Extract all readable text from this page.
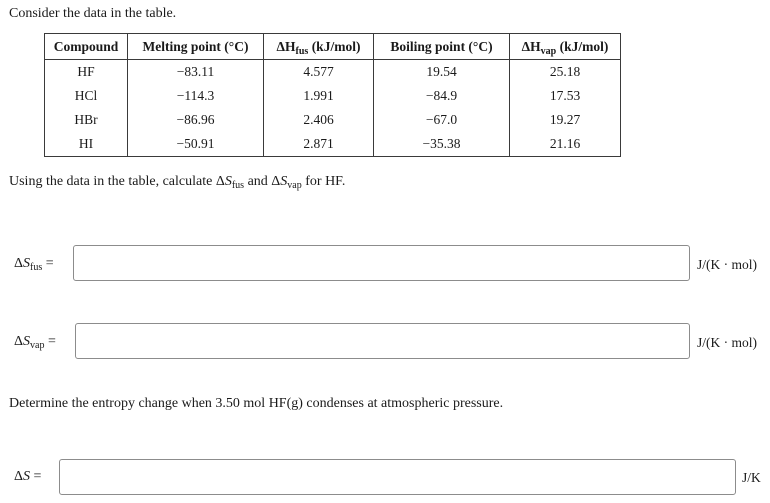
Consider the data in the table.
Compound	Melting point (°C)	$\Delta H_{fus}$ (kJ/mol)	Boiling point (°C)	$\Delta H_{vap}$ (kJ/mol)
HF	−83.11	4.577	19.54	25.18
HCl	−114.3	1.991	−84.9	17.53
HBr	−86.96	2.406	−67.0	19.27
HI	−50.91	2.871	−35.38	21.16
Using the data in the table, calculate $\Delta S_{fus}$ and $\Delta S_{vap}$ for HF.
$\Delta S_{fus}$ =	J/(K · mol)
$\Delta S_{vap}$ =	J/(K · mol)
Determine the entropy change when 3.50 mol HF(g) condenses at atmospheric pressure.
ΔS =	J/K
